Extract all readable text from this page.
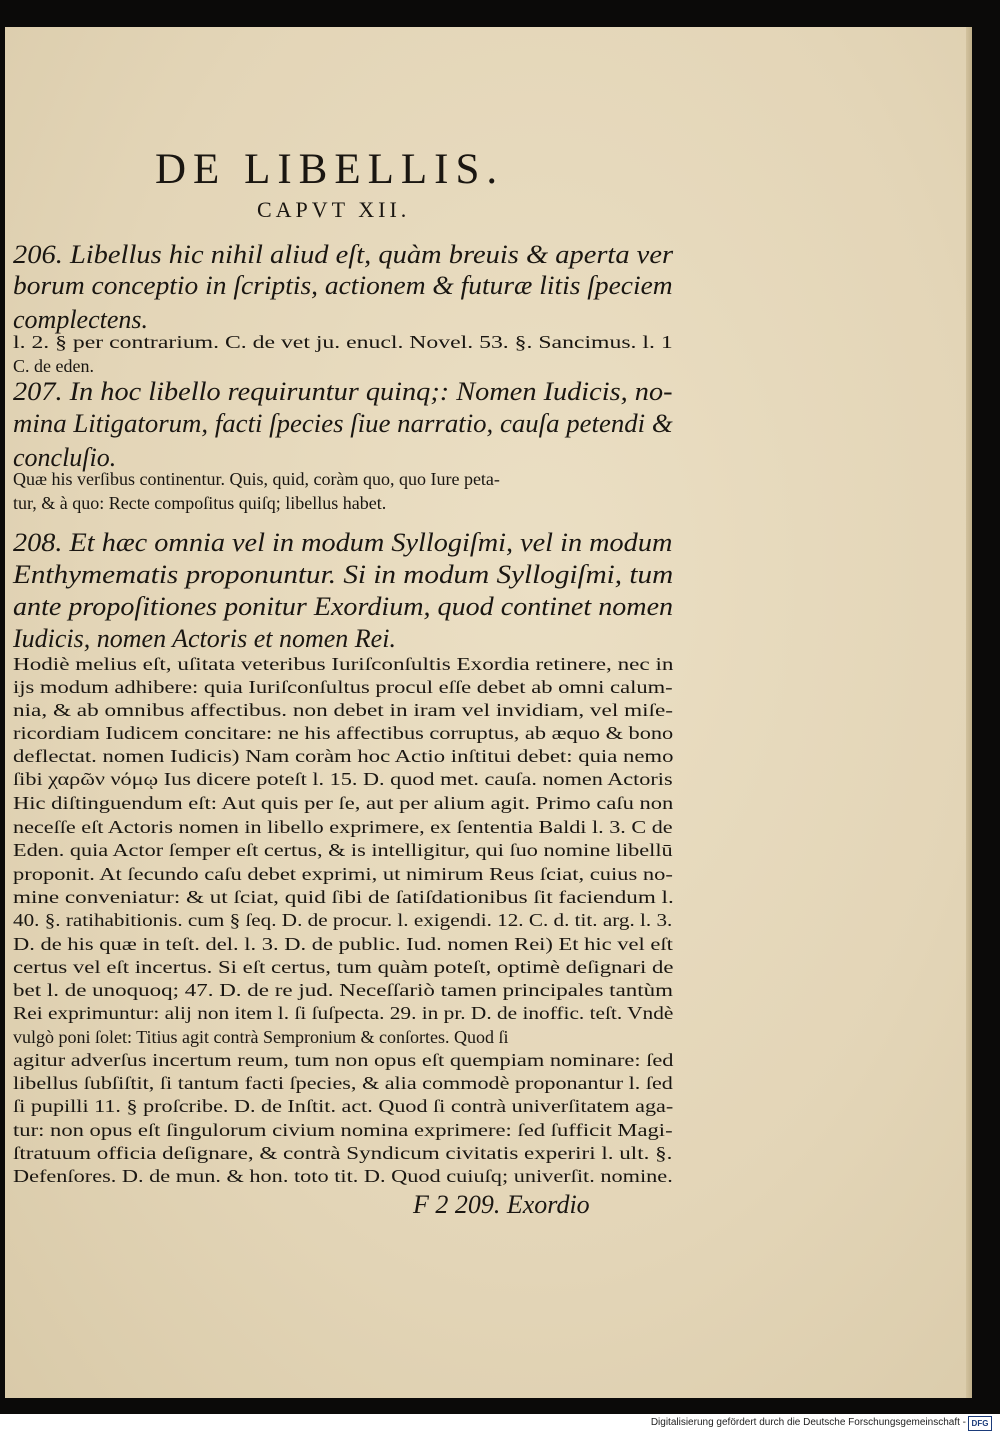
DE LIBELLIS.
CAPVT XII.
206. Libellus hic nihil aliud eſt, quàm breuis & aperta ver
borum conceptio in ſcriptis, actionem & futuræ litis ſpeciem
complectens.
l. 2. § per contrarium. C. de vet ju. enucl. Novel. 53. §. Sancimus. l. 1
C. de eden.
207. In hoc libello requiruntur quinq;: Nomen Iudicis, no-
mina Litigatorum, facti ſpecies ſiue narratio, cauſa petendi &
concluſio.
Quæ his verſibus continentur. Quis, quid, coràm quo, quo Iure peta-
tur, & à quo: Recte compoſitus quiſq; libellus habet.
208. Et hæc omnia vel in modum Syllogiſmi, vel in modum
Enthymematis proponuntur. Si in modum Syllogiſmi, tum
ante propoſitiones ponitur Exordium, quod continet nomen
Iudicis, nomen Actoris et nomen Rei.
Hodiè melius eſt, uſitata veteribus Iuriſconſultis Exordia retinere, nec in
ijs modum adhibere: quia Iuriſconſultus procul eſſe debet ab omni calum-
nia, & ab omnibus affectibus. non debet in iram vel invidiam, vel miſe-
ricordiam Iudicem concitare: ne his affectibus corruptus, ab æquo & bono
deflectat. nomen Iudicis) Nam coràm hoc Actio inſtitui debet: quia nemo
ſibi χαρῶν νόμῳ Ius dicere poteſt l. 15. D. quod met. cauſa. nomen Actoris
Hic diſtinguendum eſt: Aut quis per ſe, aut per alium agit. Primo caſu non
neceſſe eſt Actoris nomen in libello exprimere, ex ſententia Baldi l. 3. C de
Eden. quia Actor ſemper eſt certus, & is intelligitur, qui ſuo nomine libellū
proponit. At ſecundo caſu debet exprimi, ut nimirum Reus ſciat, cuius no-
mine conveniatur: & ut ſciat, quid ſibi de ſatiſdationibus ſit faciendum l.
40. §. ratihabitionis. cum § ſeq. D. de procur. l. exigendi. 12. C. d. tit. arg. l. 3.
D. de his quæ in teſt. del. l. 3. D. de public. Iud. nomen Rei) Et hic vel eſt
certus vel eſt incertus. Si eſt certus, tum quàm poteſt, optimè deſignari de
bet l. de unoquoq; 47. D. de re jud. Neceſſariò tamen principales tantùm
Rei exprimuntur: alij non item l. ſi ſuſpecta. 29. in pr. D. de inoffic. teſt. Vndè
vulgò poni ſolet: Titius agit contrà Sempronium & conſortes. Quod ſi
agitur adverſus incertum reum, tum non opus eſt quempiam nominare: ſed
libellus ſubſiſtit, ſi tantum facti ſpecies, & alia commodè proponantur l. ſed
ſi pupilli 11. § proſcribe. D. de Inſtit. act. Quod ſi contrà univerſitatem aga-
tur: non opus eſt ſingulorum civium nomina exprimere: ſed ſufficit Magi-
ſtratuum officia deſignare, & contrà Syndicum civitatis experiri l. ult. §.
Defenſores. D. de mun. & hon. toto tit. D. Quod cuiuſq; univerſit. nomine.
F 2 209. Exordio
Digitalisierung gefördert durch die Deutsche Forschungsgemeinschaft - DFG
